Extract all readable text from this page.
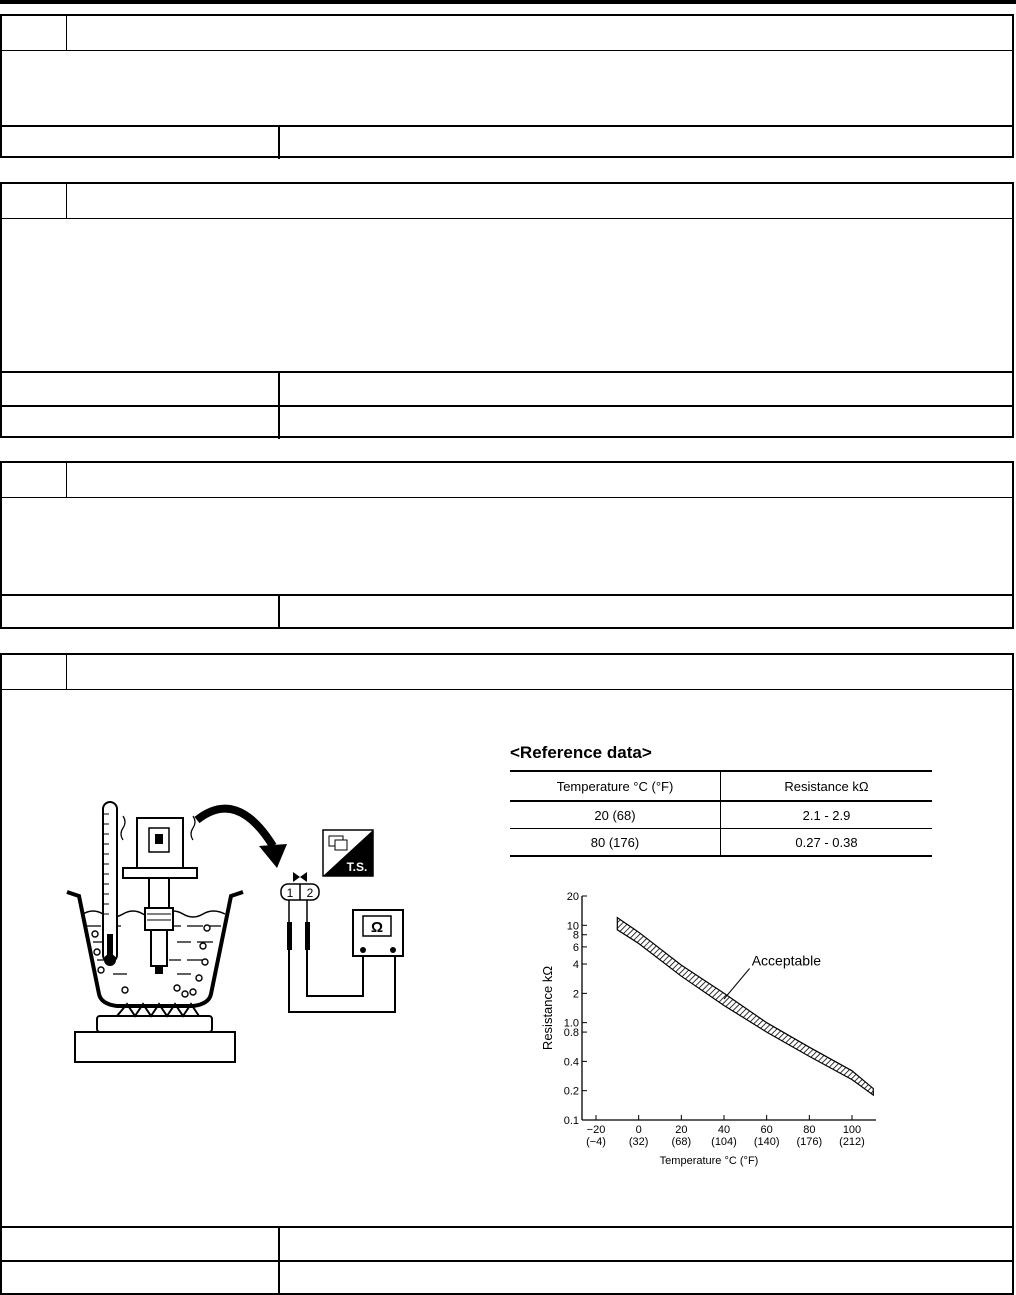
1 2
Ω
T.S.
<Reference data>
Temperature °C (°F)	Resistance kΩ
20 (68)	2.1 - 2.9
80 (176)	0.27 - 0.38
0.1
0.2
0.4
0.8
1.0
2
4
6
8
10
20
−20
(−4)
0
(32)
20
(68)
40
(104)
60
(140)
80
(176)
100
(212)
Temperature °C (°F)
Resistance kΩ
Acceptable
